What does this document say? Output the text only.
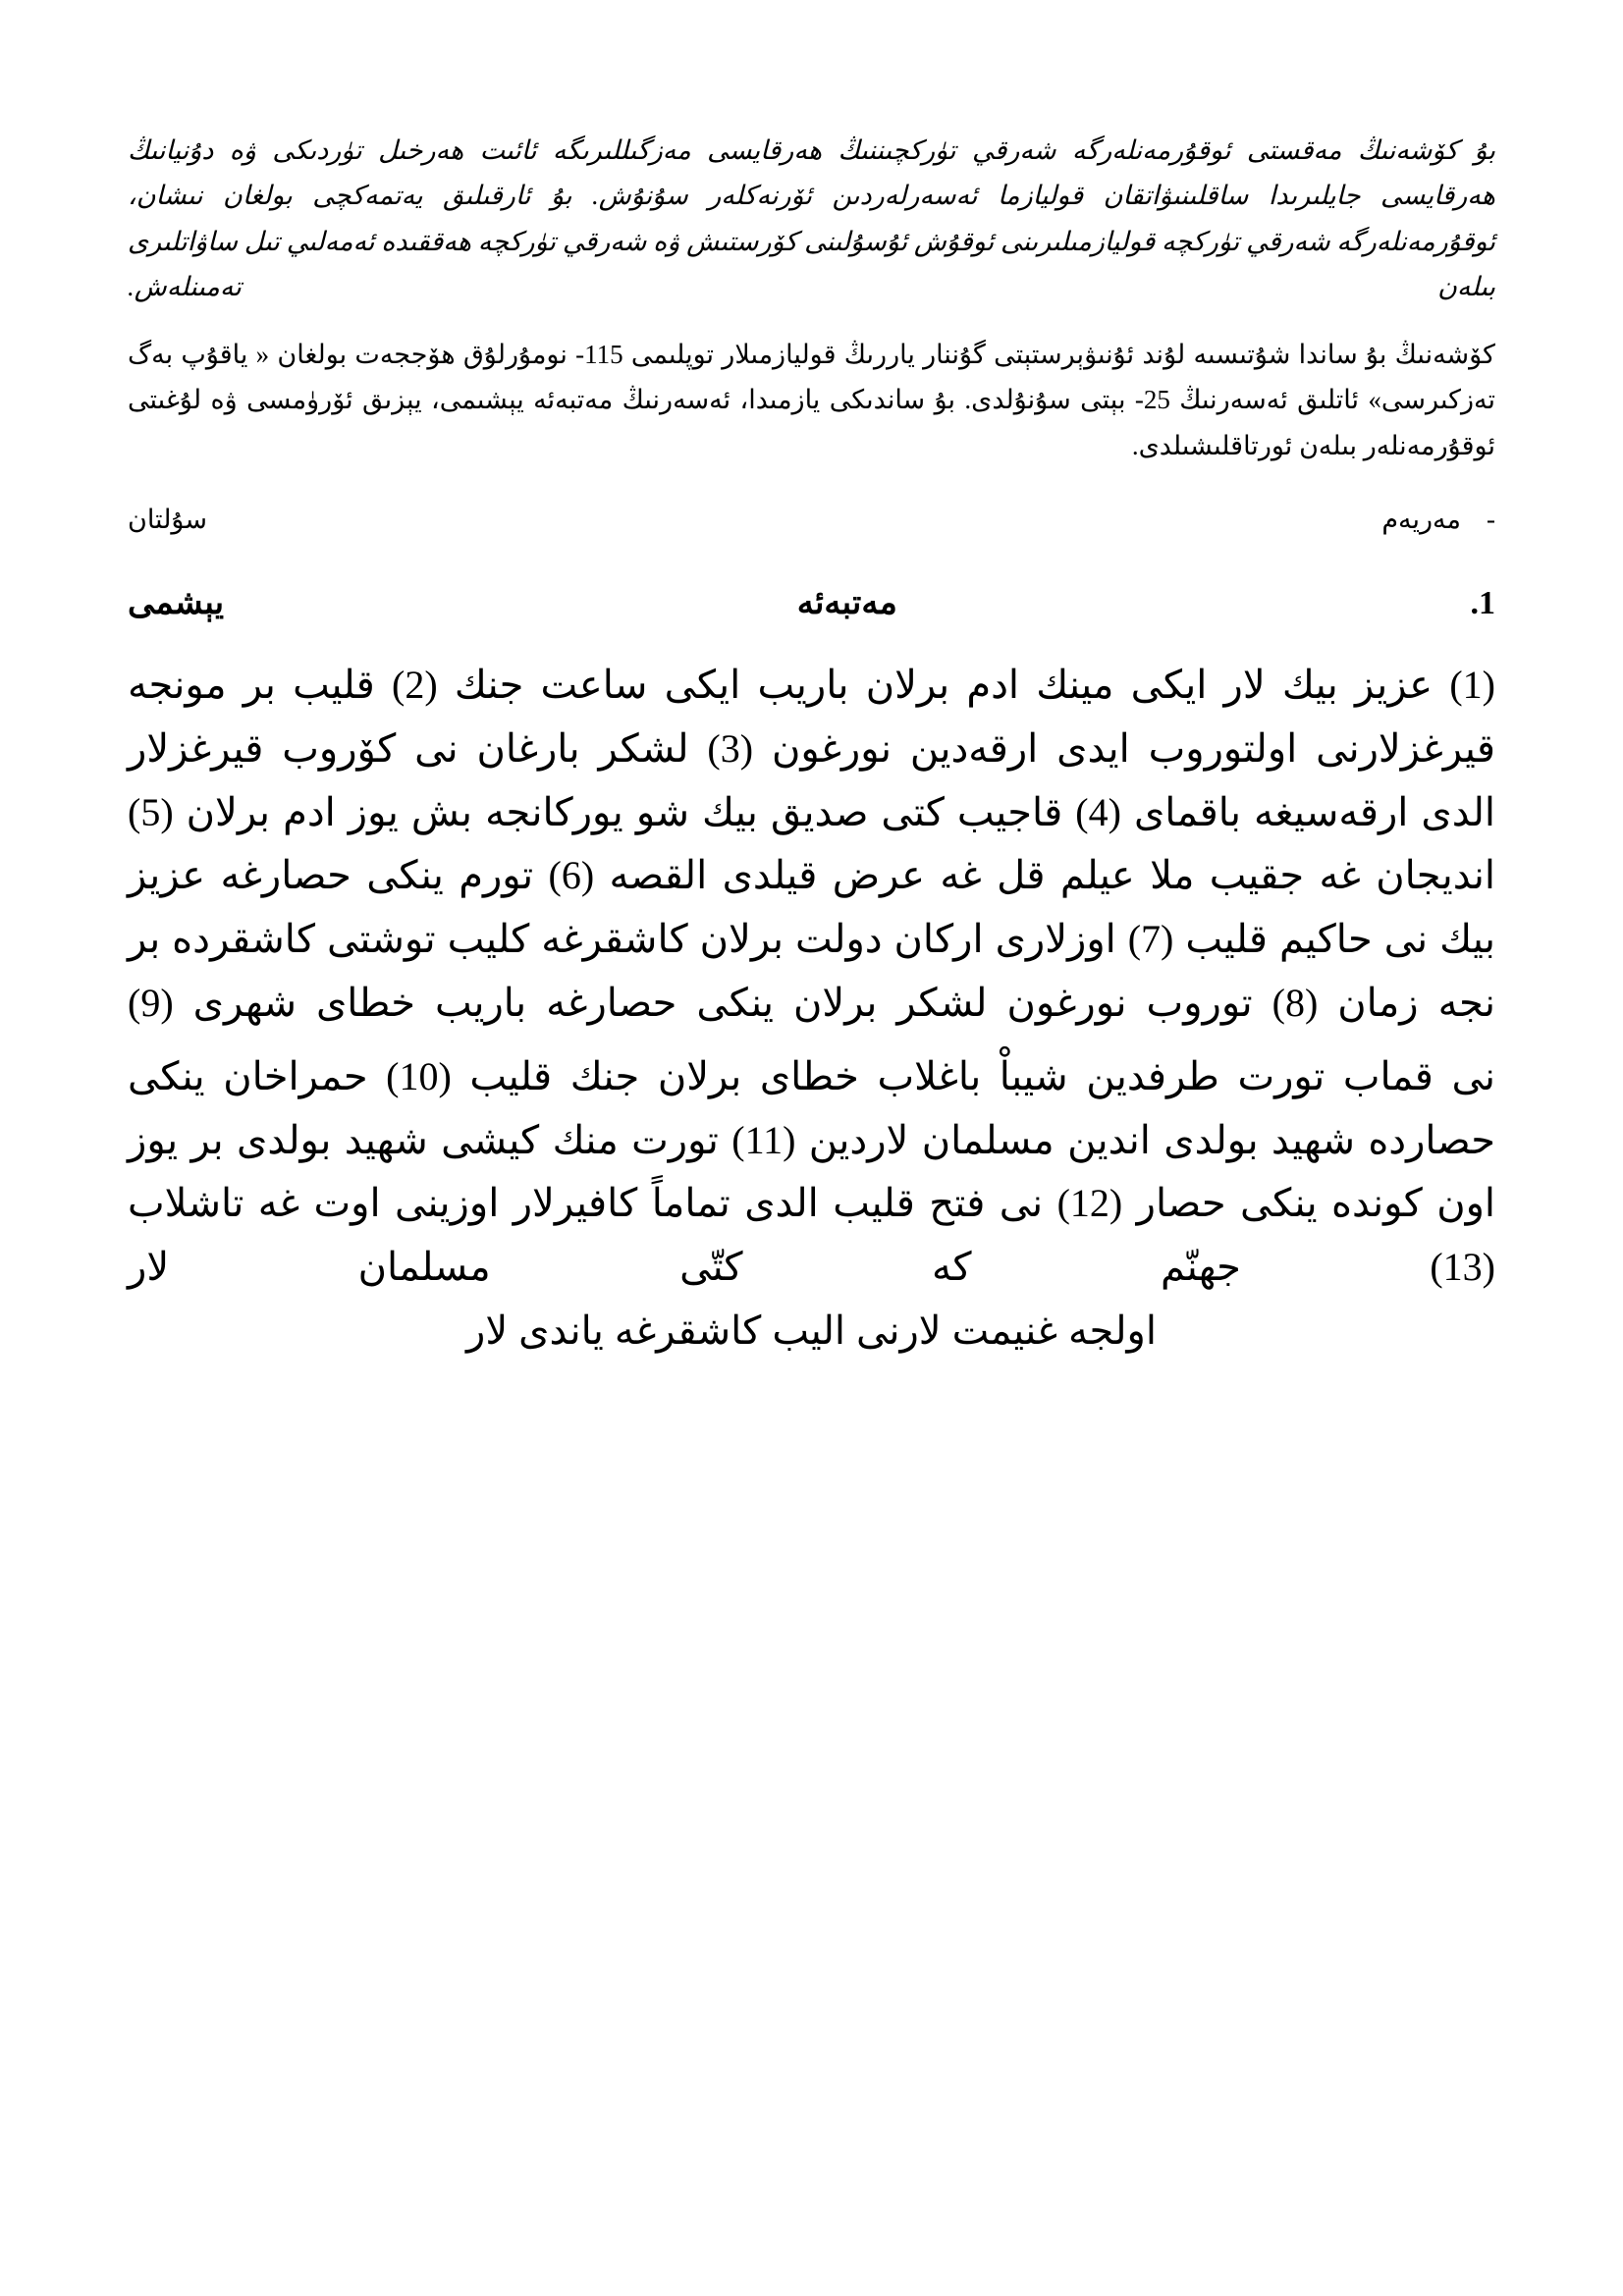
بۇ كۆشەنىڭ مەقستى ئوقۇرمەنلەرگە شەرقي تۈركچىننىڭ ھەرقايسى مەزگىللىرىگە ئائىت ھەرخىل تۈردىكى ۋە دۇنيانىڭ ھەرقايسى جايلىرىدا ساقلىنىۋاتقان قوليازما ئەسەرلەردىن ئۆرنەكلەر سۇنۇش. بۇ ئارقىلىق يەتمەكچى بولغان نىشان، ئوقۇرمەنلەرگە شەرقي تۈركچە قوليازمىلىرىنى ئوقۇش ئۇسۇلىنى كۆرستىش ۋە شەرقي تۈركچە ھەققىدە ئەمەلىي تىل ساۋاتلىرى بىلەن تەمىنلەش.

كۆشەنىڭ بۇ ساندا شۇتىسىە لۇند ئۇنىۋېرستېتى گۇننار ياررىڭ قوليازمىلار توپلىمى 115- نومۇرلۇق ھۆججەت بولغان « ياقۇپ بەگ تەزكىرسى» ئاتلىق ئەسەرنىڭ 25- بېتى سۇنۇلدى. بۇ ساندىكى يازمىدا، ئەسەرنىڭ مەتبەئە يېشىمى، يېزىق ئۆرۈمسى ۋە لۇغىتى ئوقۇرمەنلەر بىلەن ئورتاقلىشىلدى.

-مەريەم سۇلتان
1. مەتبەئە يېشمى

(1) عزيز بيك لار ايكى مينك ادم برلان باريب ايكى ساعت جنك (2) قليب بر مونجه قيرغزلارنى اولتوروب ايدى ارقەدين نورغون (3) لشكر بارغان نى كۆروب قيرغزلار الدى ارقەسيغه باقماى (4) قاجيب كتى صديق بيك شو يوركانجه بش يوز ادم برلان (5) انديجان غه جقيب ملا عيلم قل غه عرض قيلدى القصه (6) تورم ينكى حصارغه عزيز بيك نى حاكيم قليب (7) اوزلارى اركان دولت برلان كاشقرغه كليب توشتى كاشقرده بر نجه زمان (8) توروب نورغون لشكر برلان ينكى حصارغه باريب خطاى شهرى (9)

نى قماب تورت طرفدين شيباْ باغلاب خطاى برلان جنك قليب (10) حمراخان ينكى حصارده شهيد بولدى اندين مسلمان لاردين (11) تورت منك كيشى شهيد بولدى بر يوز اون كونده ينكى حصار (12) نى فتح قليب الدى تماماً كافيرلار اوزينى اوت غه تاشلاب (13) جهنّم كه كتّى مسلمان لار

اولجه غنيمت لارنى اليب كاشقرغه ياندى لار
